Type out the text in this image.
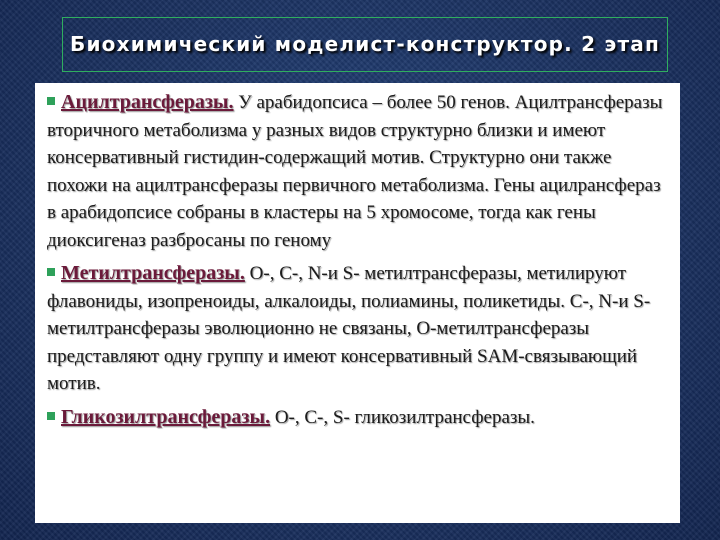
Биохимический моделист-конструктор. 2 этап

Ацилтрансферазы. У арабидопсиса – более 50 генов. Ацилтрансферазы вторичного метаболизма у разных видов структурно близки и имеют консервативный гистидин-содержащий мотив. Структурно они также похожи на ацилтрансферазы первичного метаболизма. Гены ацилрансфераз в арабидопсисе собраны в кластеры на 5 хромосоме, тогда как гены диоксигеназ разбросаны по геному

Метилтрансферазы. О-, С-, N-и S- метилтрансферазы, метилируют флавониды, изопреноиды, алкалоиды, полиамины, поликетиды. С-, N-и S- метилтрансферазы эволюционно не связаны, О-метилтрансферазы представляют одну группу и имеют консервативный SAM-связывающий мотив.

Гликозилтрансферазы. О-, С-, S- гликозилтрансферазы.
